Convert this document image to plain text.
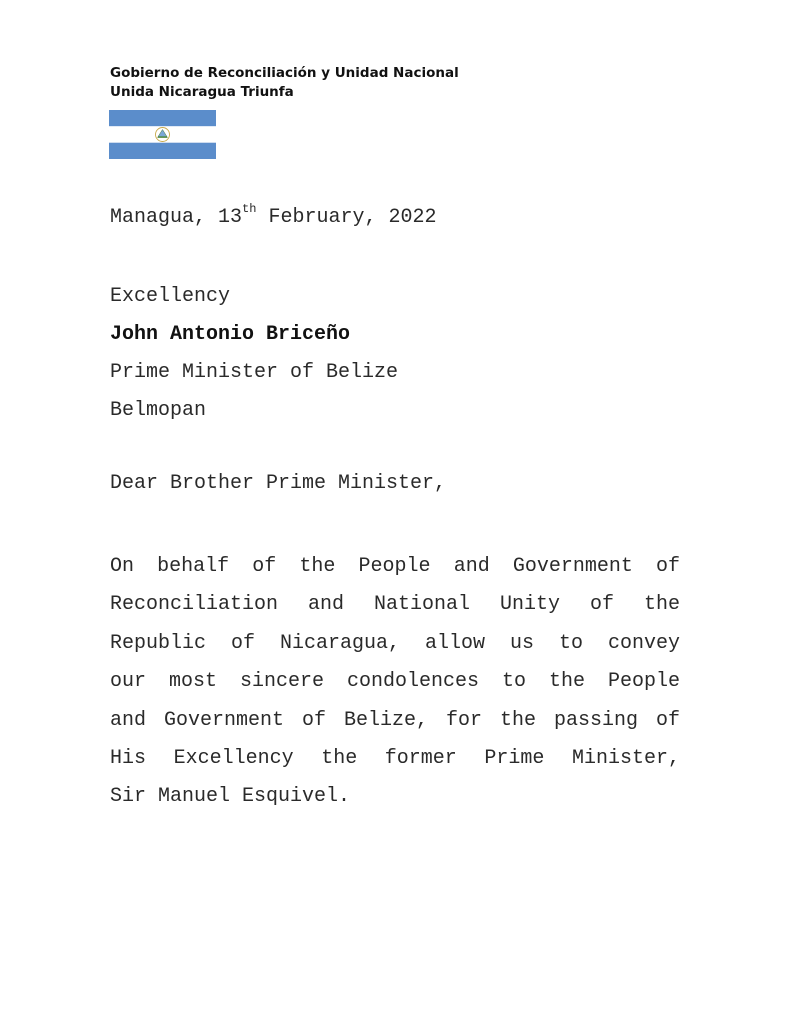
Gobierno de Reconciliación y Unidad Nacional
Unida Nicaragua Triunfa
Managua, 13th February, 2022
Excellency
John Antonio Briceño
Prime Minister of Belize
Belmopan
Dear Brother Prime Minister,
On behalf of the People and Government of
Reconciliation and National Unity of the
Republic of Nicaragua, allow us to convey
our most sincere condolences to the People
and Government of Belize, for the passing of
His Excellency the former Prime Minister,
Sir Manuel Esquivel.
